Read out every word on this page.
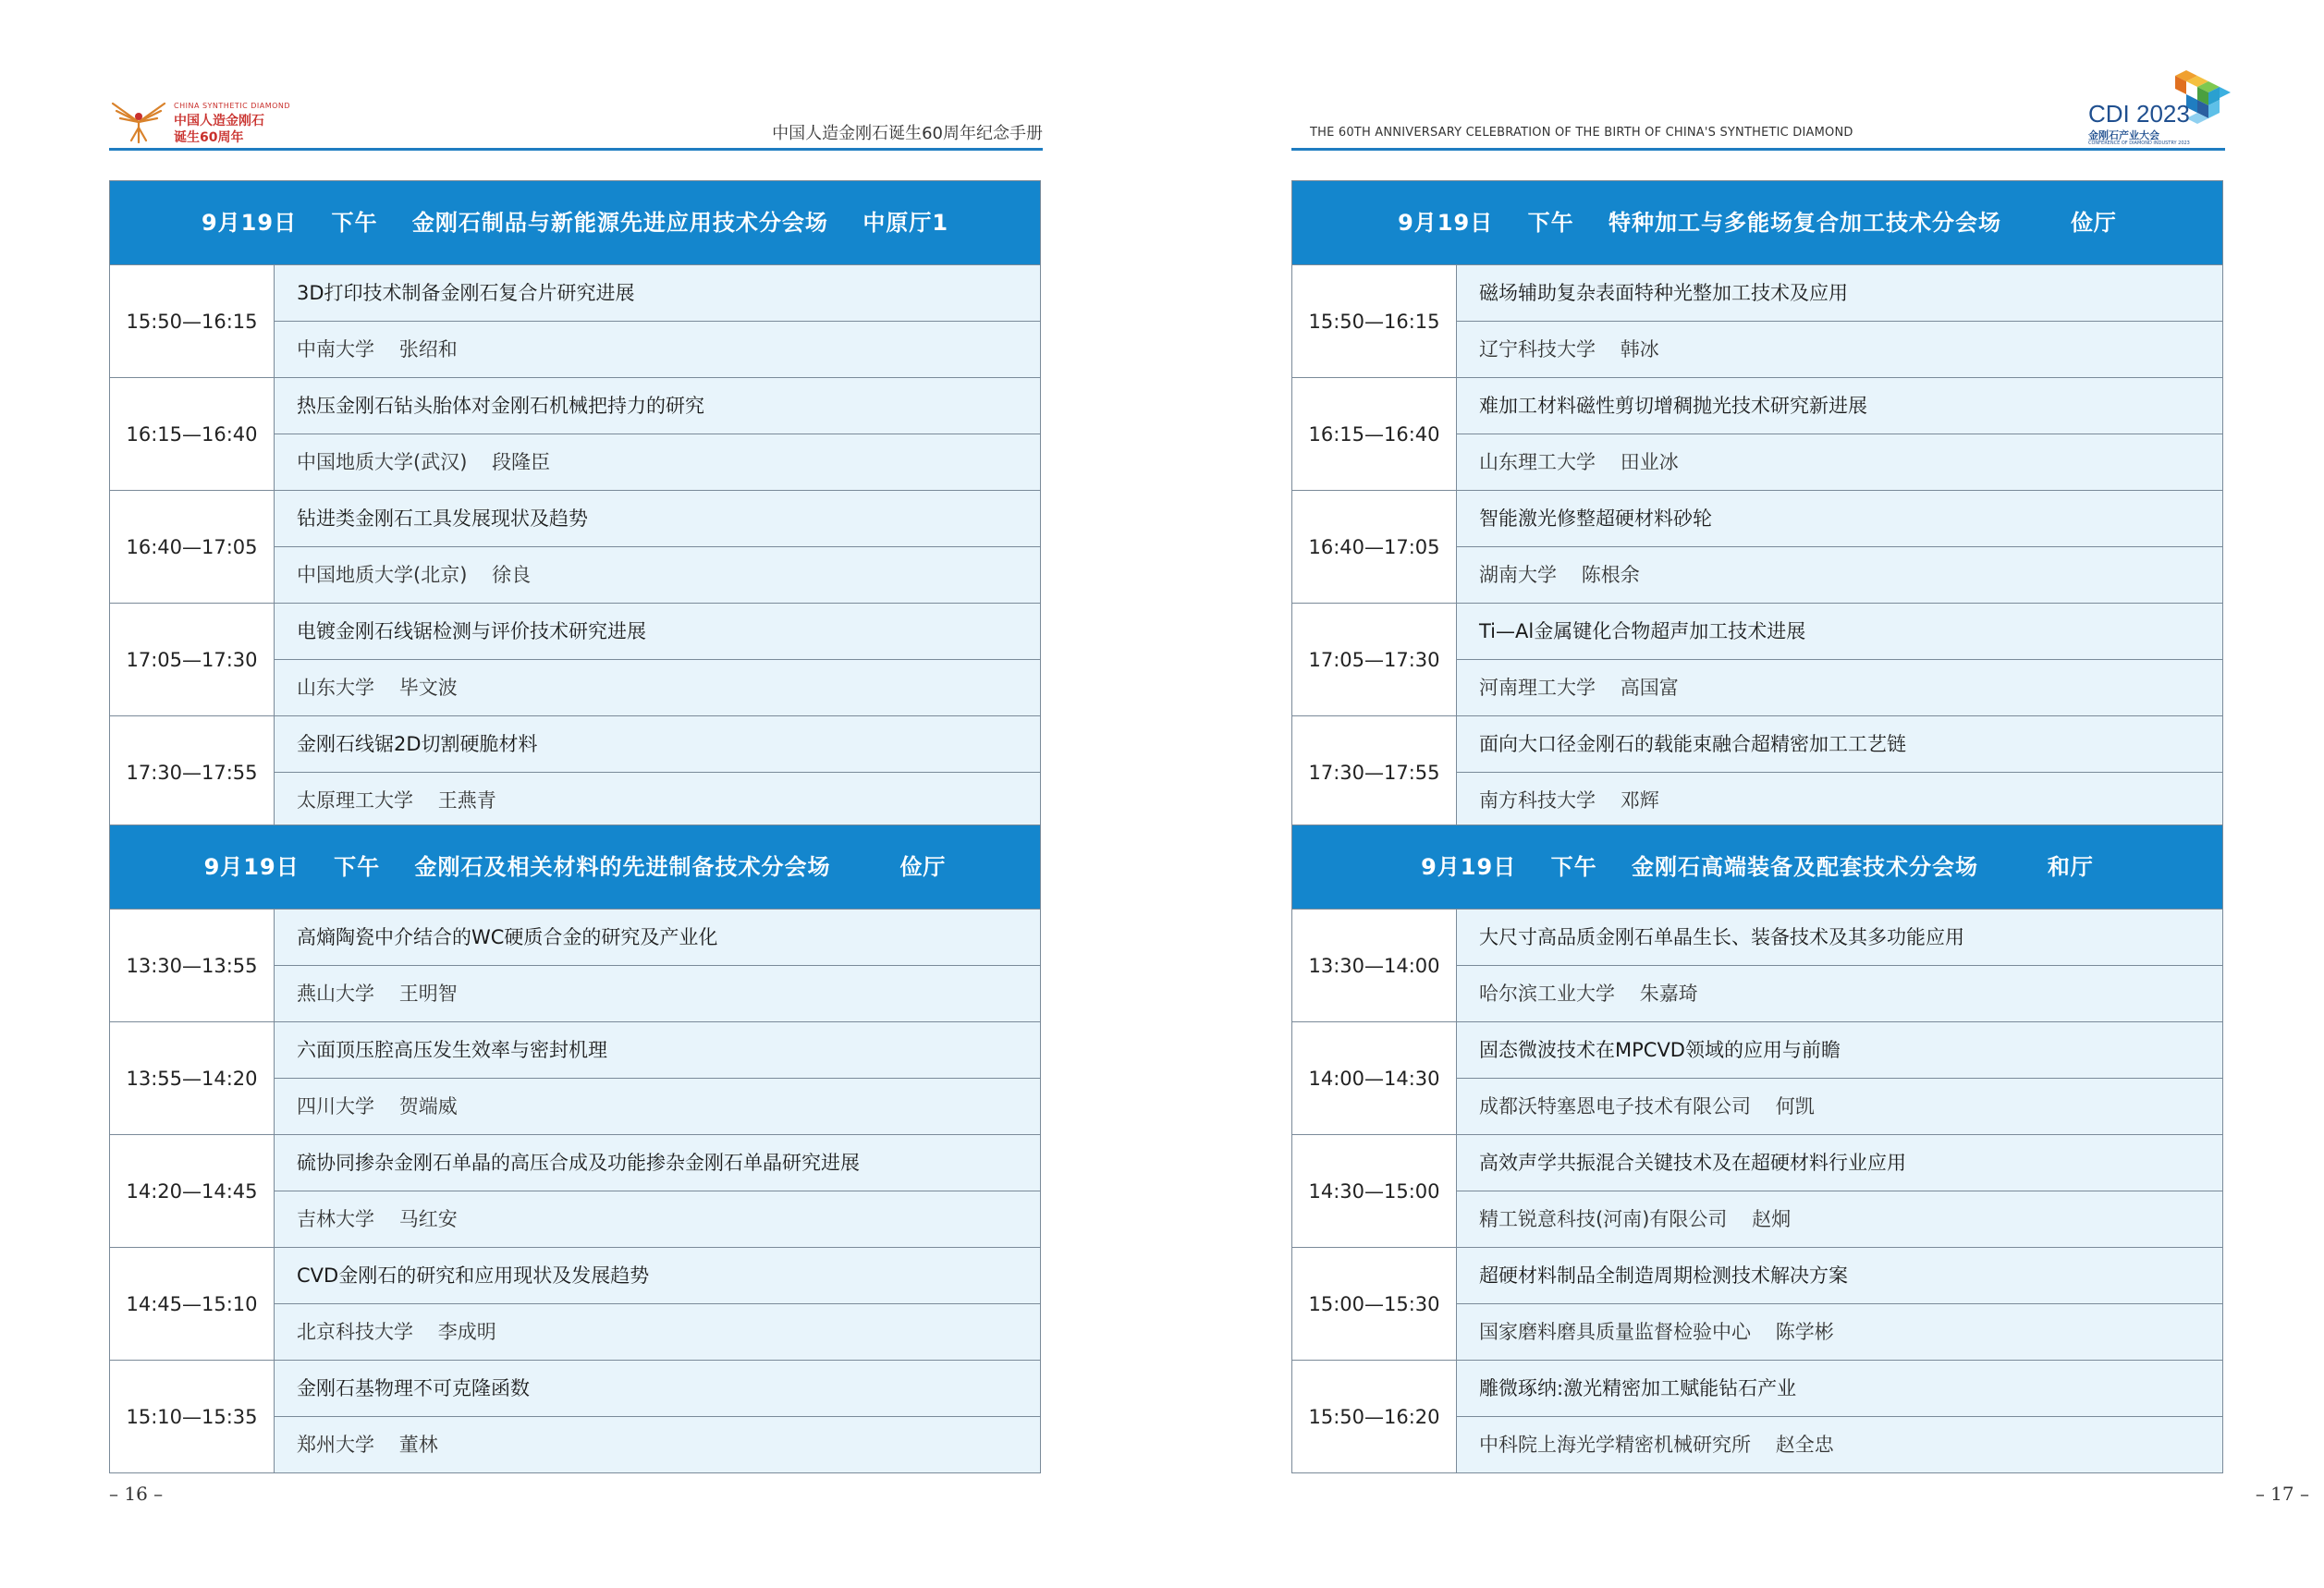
CHINA SYNTHETIC DIAMOND
中国人造金刚石
诞生60周年	中国人造金刚石诞生60周年纪念手册
9月19日    下午    金刚石制品与新能源先进应用技术分会场    中原厅1
15:50—16:15
3D打印技术制备金刚石复合片研究进展
中南大学    张绍和
16:15—16:40
热压金刚石钻头胎体对金刚石机械把持力的研究
中国地质大学(武汉)    段隆臣
16:40—17:05
钻进类金刚石工具发展现状及趋势
中国地质大学(北京)    徐良
17:05—17:30
电镀金刚石线锯检测与评价技术研究进展
山东大学    毕文波
17:30—17:55
金刚石线锯2D切割硬脆材料
太原理工大学    王燕青
9月19日    下午    金刚石及相关材料的先进制备技术分会场        俭厅
13:30—13:55
高熵陶瓷中介结合的WC硬质合金的研究及产业化
燕山大学    王明智
13:55—14:20
六面顶压腔高压发生效率与密封机理
四川大学    贺端威
14:20—14:45
硫协同掺杂金刚石单晶的高压合成及功能掺杂金刚石单晶研究进展
吉林大学    马红安
14:45—15:10
CVD金刚石的研究和应用现状及发展趋势
北京科技大学    李成明
15:10—15:35
金刚石基物理不可克隆函数
郑州大学    董林
– 16 –
THE 60TH ANNIVERSARY CELEBRATION OF THE BIRTH OF CHINA'S SYNTHETIC DIAMOND
CDI 2023
金刚石产业大会
CONFERENCE OF DIAMOND INDUSTRY 2023
9月19日    下午    特种加工与多能场复合加工技术分会场        俭厅
15:50—16:15
磁场辅助复杂表面特种光整加工技术及应用
辽宁科技大学    韩冰
16:15—16:40
难加工材料磁性剪切增稠抛光技术研究新进展
山东理工大学    田业冰
16:40—17:05
智能激光修整超硬材料砂轮
湖南大学    陈根余
17:05—17:30
Ti—Al金属键化合物超声加工技术进展
河南理工大学    高国富
17:30—17:55
面向大口径金刚石的载能束融合超精密加工工艺链
南方科技大学    邓辉
9月19日    下午    金刚石高端装备及配套技术分会场        和厅
13:30—14:00
大尺寸高品质金刚石单晶生长、装备技术及其多功能应用
哈尔滨工业大学    朱嘉琦
14:00—14:30
固态微波技术在MPCVD领域的应用与前瞻
成都沃特塞恩电子技术有限公司    何凯
14:30—15:00
高效声学共振混合关键技术及在超硬材料行业应用
精工锐意科技(河南)有限公司    赵炯
15:00—15:30
超硬材料制品全制造周期检测技术解决方案
国家磨料磨具质量监督检验中心    陈学彬
15:50—16:20
雕微琢纳:激光精密加工赋能钻石产业
中科院上海光学精密机械研究所    赵全忠
– 17 –
